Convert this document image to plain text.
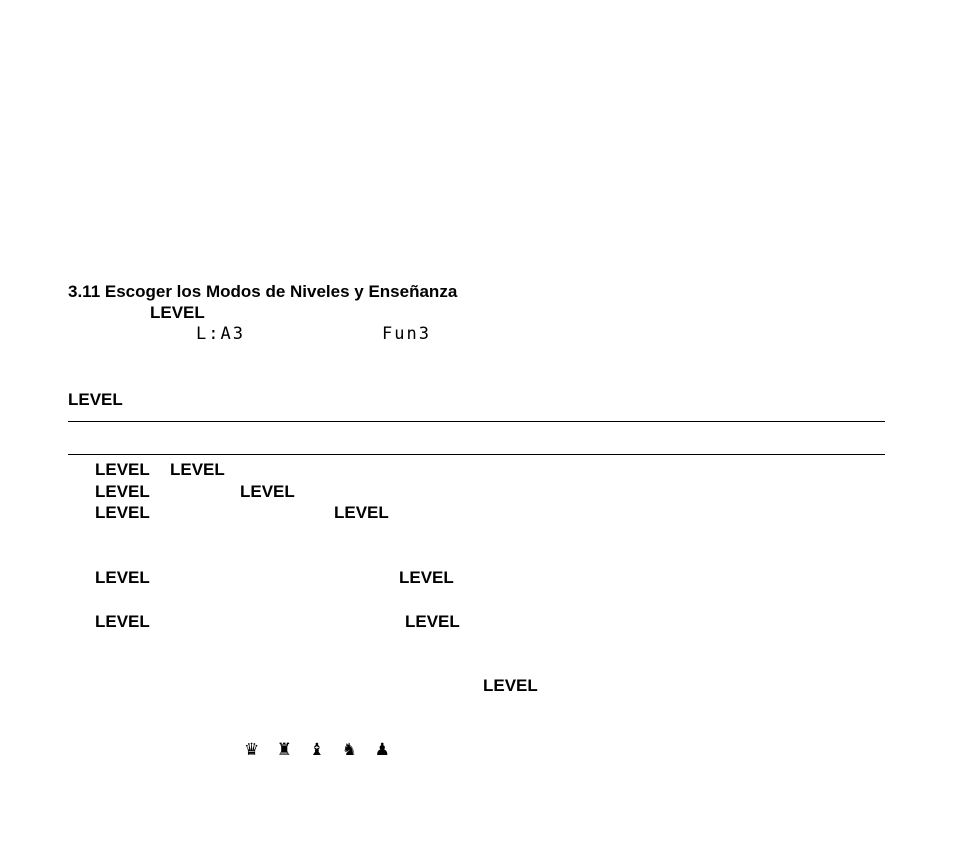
3.11 Escoger los Modos de Niveles y Enseñanza
LEVEL
L:A3	Fun3
LEVEL
LEVEL LEVEL
LEVEL	LEVEL
LEVEL	LEVEL
LEVEL	LEVEL
LEVEL	LEVEL
LEVEL
♛ ♜ ♝ ♞ ♟
